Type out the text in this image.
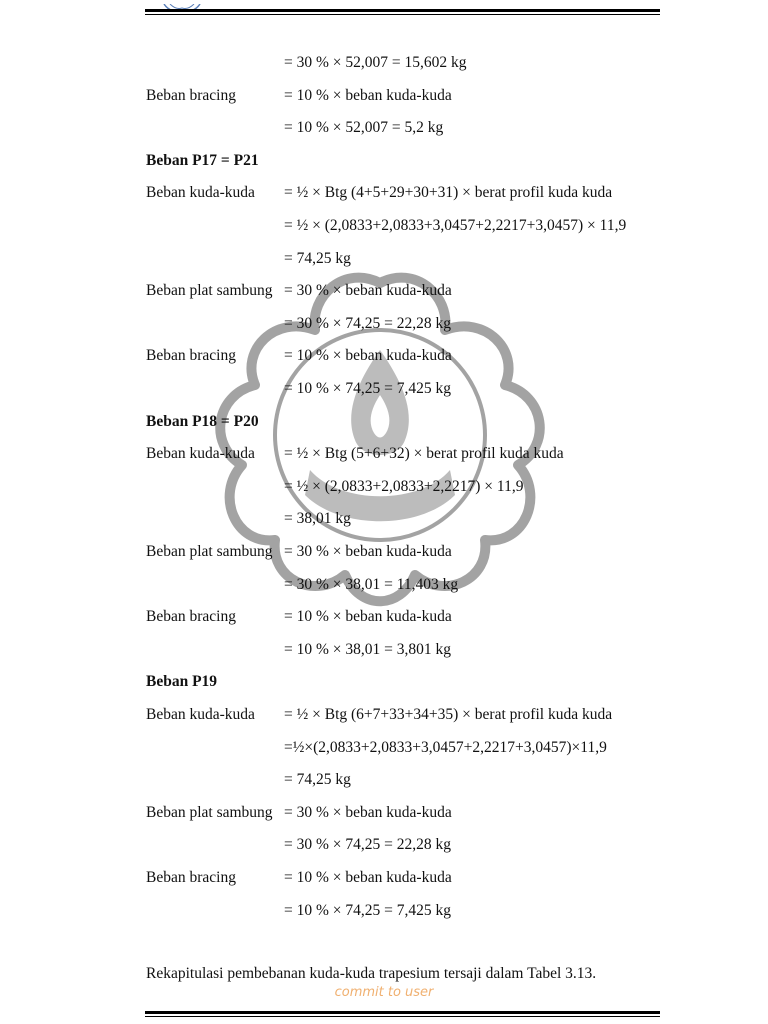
= 30 % × 52,007 = 15,602 kg
Beban bracing	= 10 % × beban kuda-kuda
= 10 % × 52,007 = 5,2 kg
Beban P17 = P21
Beban kuda-kuda = ½ × Btg (4+5+29+30+31) × berat profil kuda kuda
= ½ × (2,0833+2,0833+3,0457+2,2217+3,0457) × 11,9
= 74,25 kg
Beban plat sambung = 30 % × beban kuda-kuda
= 30 % × 74,25 = 22,28 kg
Beban bracing	= 10 % × beban kuda-kuda
= 10 % × 74,25 = 7,425 kg
Beban P18 = P20
Beban kuda-kuda = ½ × Btg (5+6+32) × berat profil kuda kuda
= ½ × (2,0833+2,0833+2,2217) × 11,9
= 38,01 kg
Beban plat sambung = 30 % × beban kuda-kuda
= 30 % × 38,01 = 11,403 kg
Beban bracing	= 10 % × beban kuda-kuda
= 10 % × 38,01 = 3,801 kg
Beban P19
Beban kuda-kuda = ½ × Btg (6+7+33+34+35) × berat profil kuda kuda
=½×(2,0833+2,0833+3,0457+2,2217+3,0457)×11,9
= 74,25 kg
Beban plat sambung = 30 % × beban kuda-kuda
= 30 % × 74,25 = 22,28 kg
Beban bracing	= 10 % × beban kuda-kuda
= 10 % × 74,25 = 7,425 kg
Rekapitulasi pembebanan kuda-kuda trapesium tersaji dalam Tabel 3.13.
commit to user
